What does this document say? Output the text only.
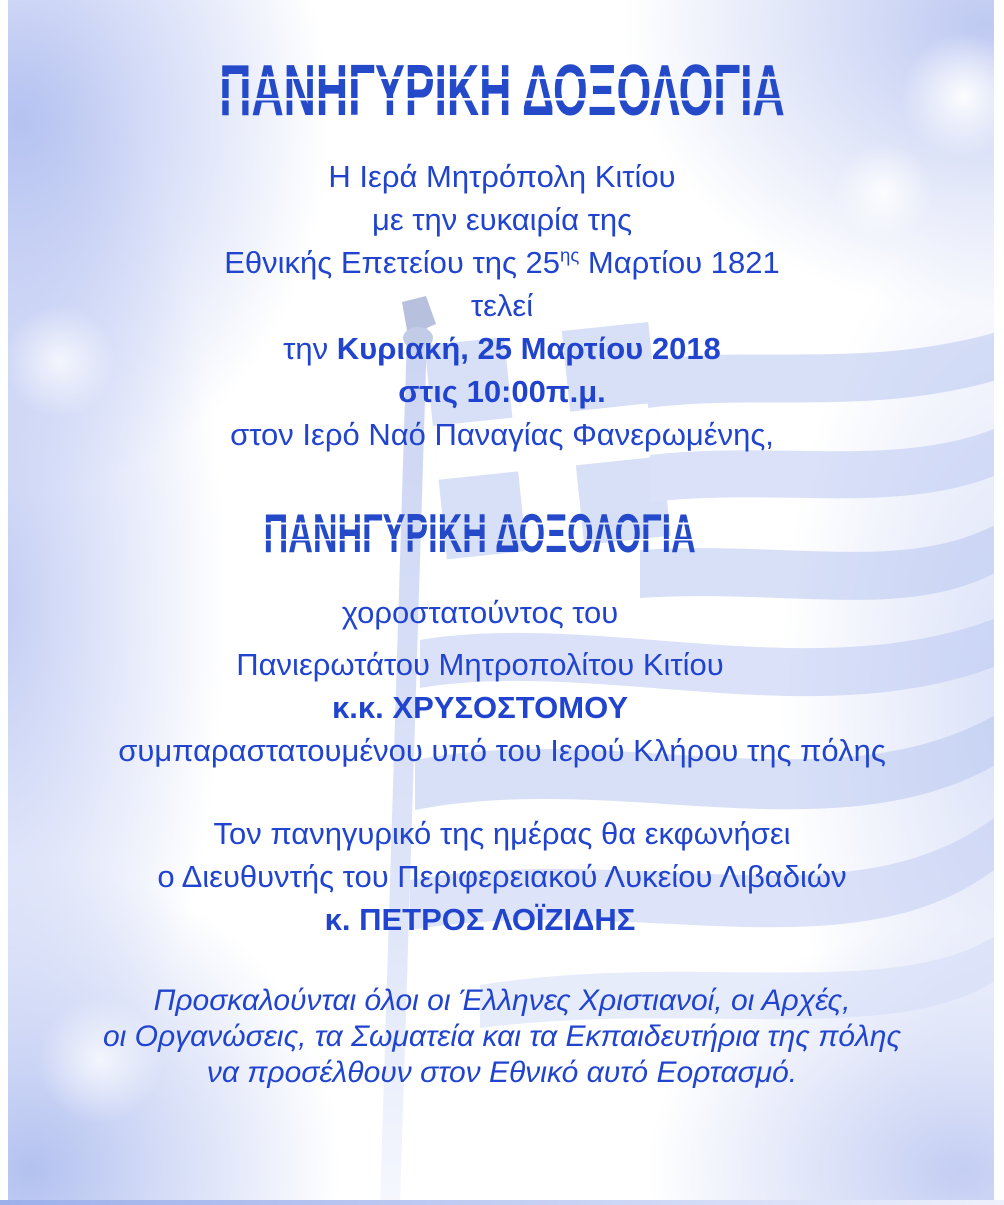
ΠΑΝΗΓΥΡΙΚΗ ΔΟΞΟΛΟΓΙΑ

Η Ιερά Μητρόπολη Κιτίου

με την ευκαιρία της

Εθνικής Επετείου της $25^{\eta\varsigma}$ Μαρτίου 1821

τελεί

την Κυριακή, 25 Μαρτίου 2018

στις 10:00π.μ.

στον Ιερό Ναό Παναγίας Φανερωμένης,

ΠΑΝΗΓΥΡΙΚΗ ΔΟΞΟΛΟΓΙΑ

χοροστατούντος του

Πανιερωτάτου Μητροπολίτου Κιτίου

κ.κ. ΧΡΥΣΟΣΤΟΜΟΥ

συμπαραστατουμένου υπό του Ιερού Κλήρου της πόλης

Τον πανηγυρικό της ημέρας θα εκφωνήσει

ο Διευθυντής του Περιφερειακού Λυκείου Λιβαδιών

κ. ΠΕΤΡΟΣ ΛΟΪΖΙΔΗΣ

Προσκαλούνται όλοι οι Έλληνες Χριστιανοί, οι Αρχές,

οι Οργανώσεις, τα Σωματεία και τα Εκπαιδευτήρια της πόλης

να προσέλθουν στον Εθνικό αυτό Εορτασμό.
